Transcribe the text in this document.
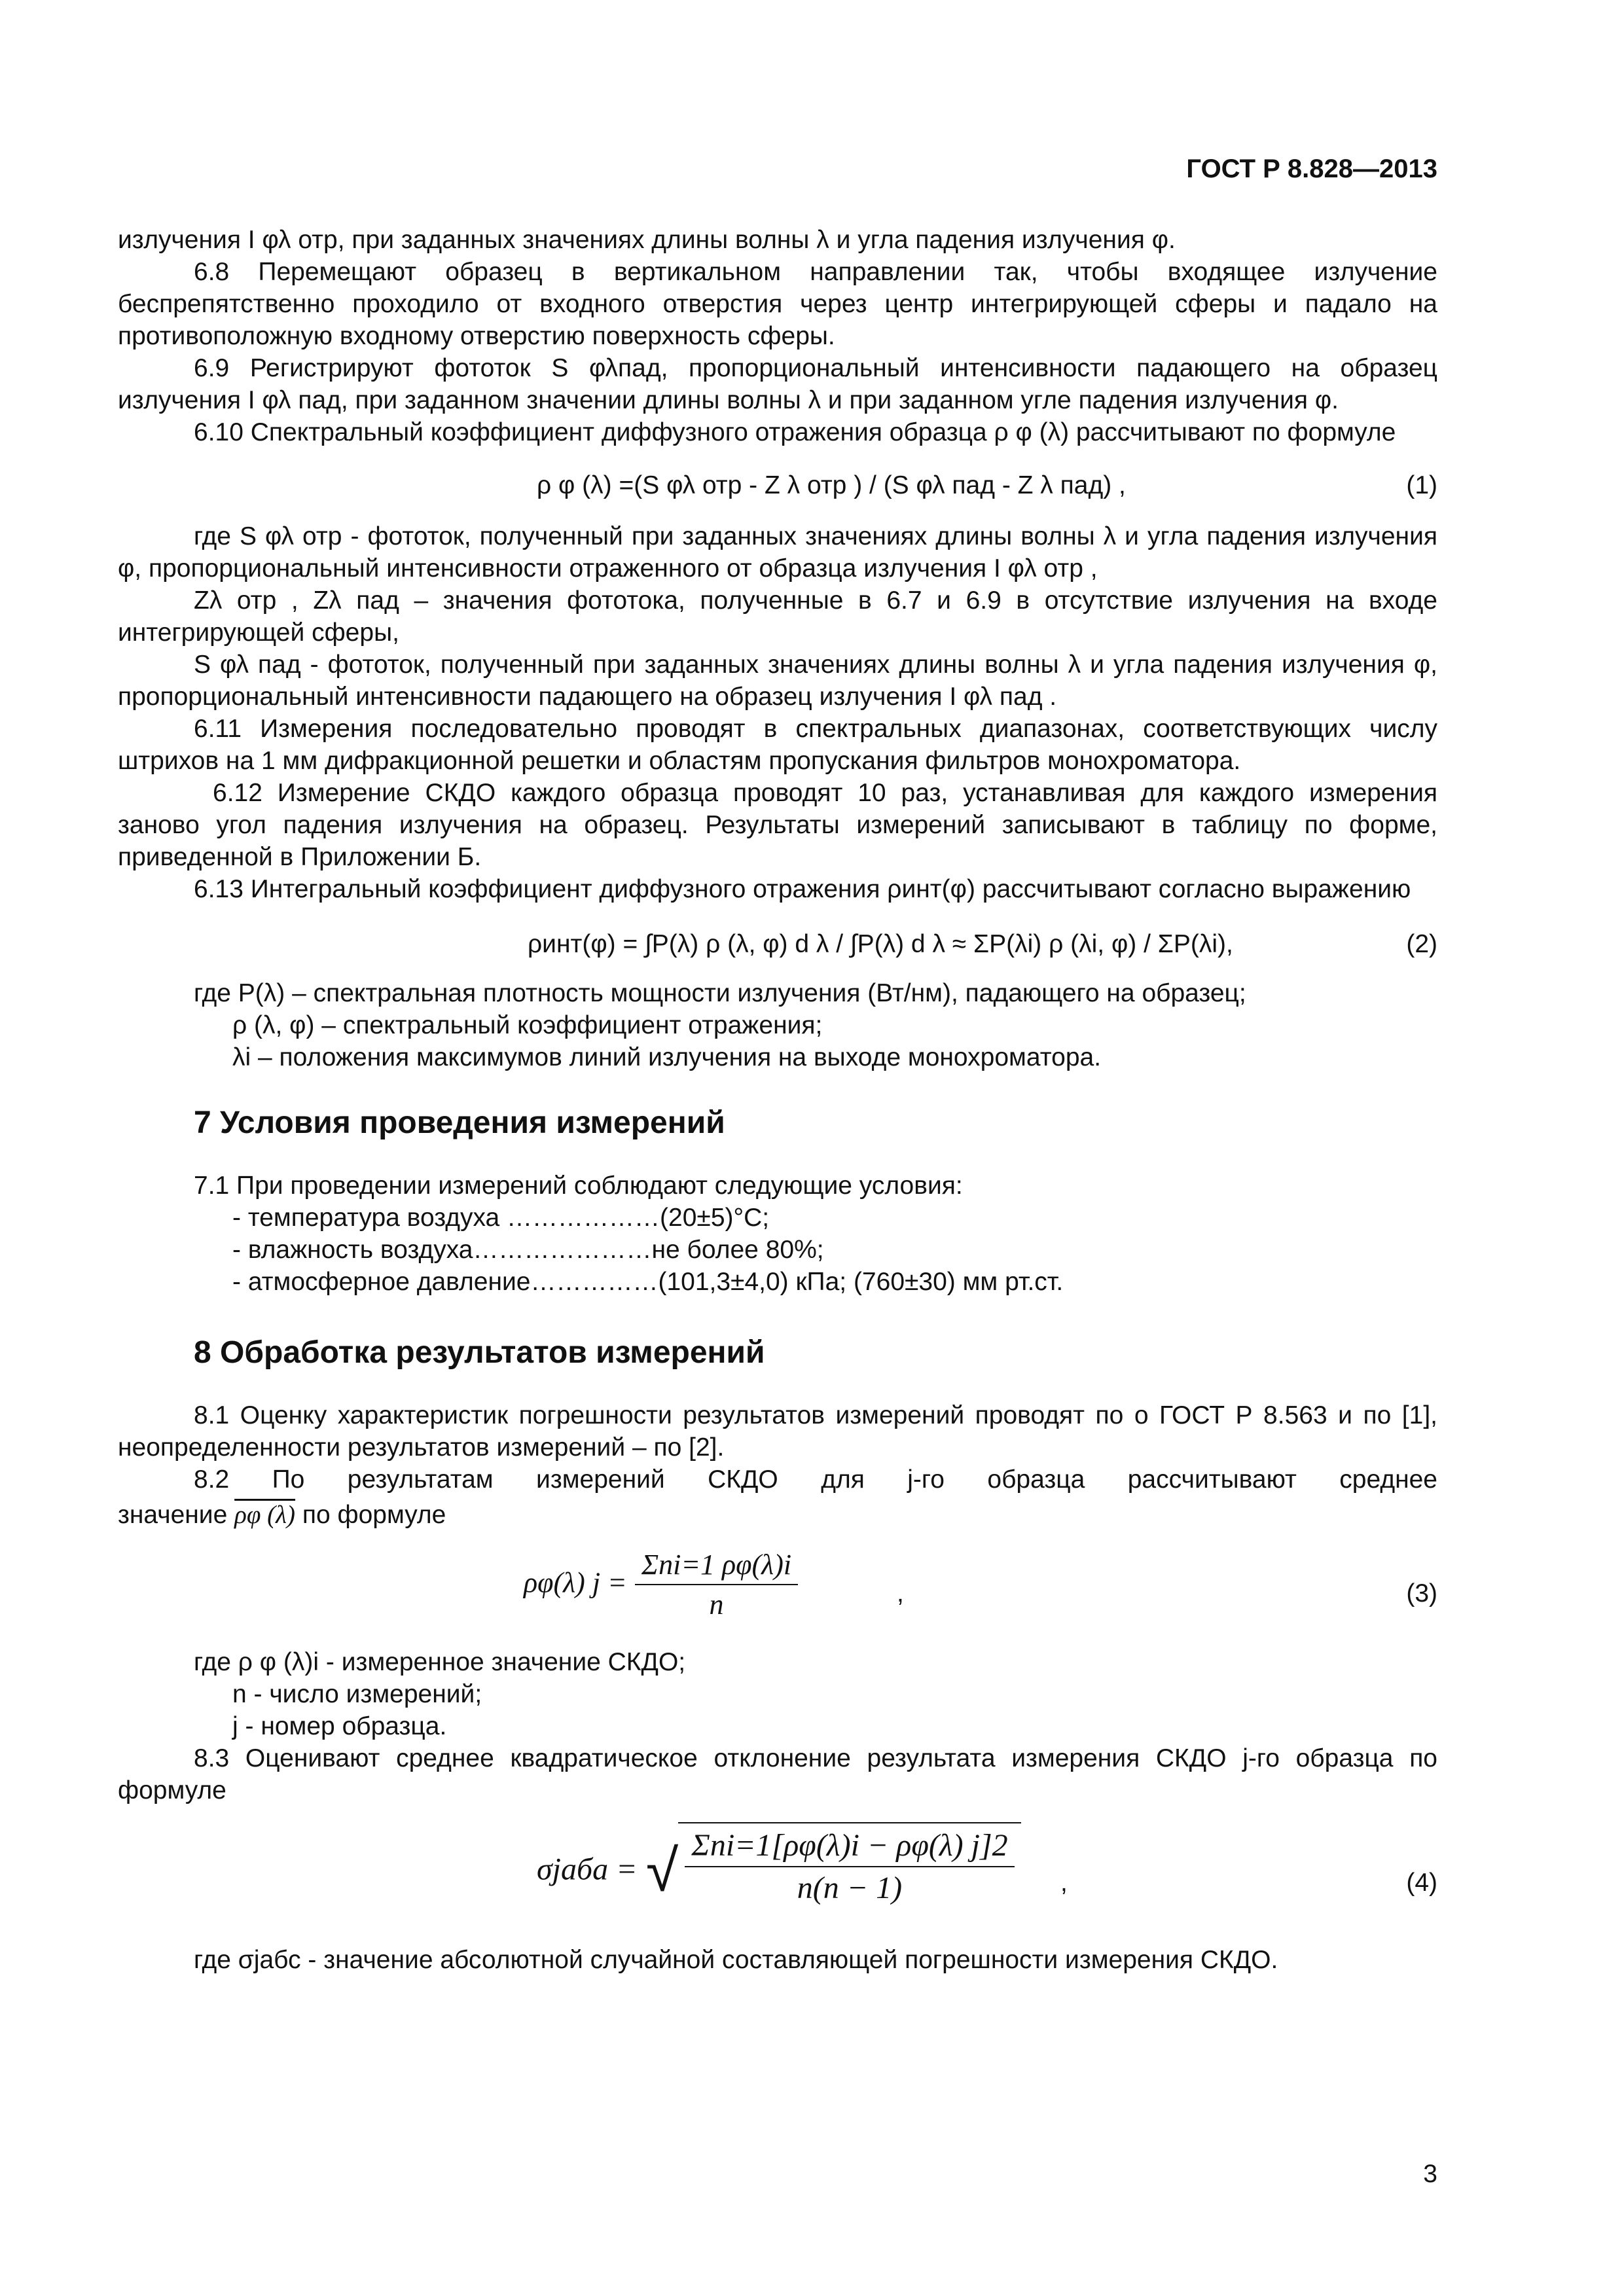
ГОСТ Р 8.828—2013

излучения I φλ отр, при заданных значениях длины волны λ и угла падения излучения φ.

6.8 Перемещают образец в вертикальном направлении так, чтобы входящее излучение беспрепятственно проходило от входного отверстия через центр интегрирующей сферы и падало на противоположную входному отверстию поверхность сферы.

6.9 Регистрируют фототок S φλпад, пропорциональный интенсивности падающего на образец излучения I φλ пад, при заданном значении длины волны λ и при заданном угле падения излучения φ.

6.10 Спектральный коэффициент диффузного отражения образца ρ φ (λ) рассчитывают по формуле

ρ φ (λ) =(S φλ отр - Z λ отр ) / (S φλ пад - Z λ пад) ,	(1)

где S φλ отр - фототок, полученный при заданных значениях длины волны λ и угла падения излучения φ, пропорциональный интенсивности отраженного от образца излучения I φλ отр ,

Zλ отр , Zλ пад – значения фототока, полученные в 6.7 и 6.9 в отсутствие излучения на входе интегрирующей сферы,

S φλ пад - фототок, полученный при заданных значениях длины волны λ и угла падения излучения φ, пропорциональный интенсивности падающего на образец излучения I φλ пад .

6.11 Измерения последовательно проводят в спектральных диапазонах, соответствующих числу штрихов на 1 мм дифракционной решетки и областям пропускания фильтров монохроматора.

6.12 Измерение СКДО каждого образца проводят 10 раз, устанавливая для каждого измерения заново угол падения излучения на образец. Результаты измерений записывают в таблицу по форме, приведенной в Приложении Б.

6.13 Интегральный коэффициент диффузного отражения ρинт(φ) рассчитывают согласно выражению

ρинт(φ) = ∫P(λ) ρ (λ, φ) d λ / ∫P(λ) d λ ≈ ΣP(λi) ρ (λi, φ) / ΣP(λi),	(2)

где P(λ) – спектральная плотность мощности излучения (Вт/нм), падающего на образец;

ρ (λ, φ) – спектральный коэффициент отражения;

λi – положения максимумов линий излучения на выходе монохроматора.

7 Условия проведения измерений

7.1 При проведении измерений соблюдают следующие условия:

- температура воздуха ………………(20±5)°С;

- влажность воздуха…………………не более 80%;

- атмосферное давление……………(101,3±4,0) кПа; (760±30) мм рт.ст.

8 Обработка результатов измерений

8.1 Оценку характеристик погрешности результатов измерений проводят по о ГОСТ Р 8.563 и по [1], неопределенности результатов измерений – по [2].

8.2 По результатам измерений СКДО для j-го образца рассчитывают среднее

значение ρφ (λ) по формуле

ρφ(λ) $j = \frac{\text{Σni=1 ρφ(λ)i}}{n}$	,	(3)

где ρ φ (λ)i - измеренное значение СКДО;

n - число измерений;

j - номер образца.

8.3 Оценивают среднее квадратическое отклонение результата измерения СКДО j-го образца по формуле

σjaба = √ $\frac{\text{Σni=1[ρφ(λ)i − ρφ(λ) j]2}}{n(n - 1)}$ ,	(4)

где σjабс - значение абсолютной случайной составляющей погрешности измерения СКДО.

3
